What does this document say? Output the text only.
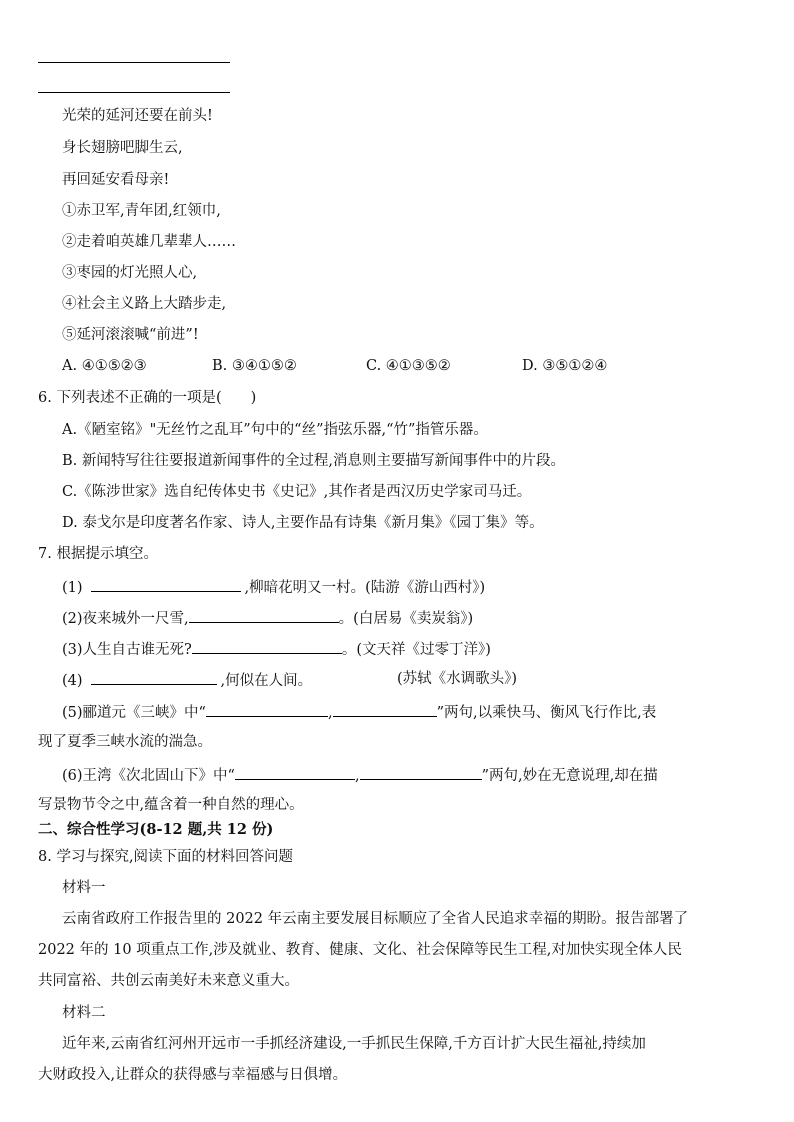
光荣的延河还要在前头!
身长翅膀吧脚生云,
再回延安看母亲!
①赤卫军,青年团,红领巾,
②走着咱英雄几辈辈人……
③枣园的灯光照人心,
④社会主义路上大踏步走,
⑤延河滚滚喊“前进”!
A. ④①⑤②③	B. ③④①⑤②	C. ④①③⑤②	D. ③⑤①②④
6. 下列表述不正确的一项是(　　)
A.《陋室铭》"无丝竹之乱耳”句中的“丝”指弦乐器,“竹”指管乐器。
B. 新闻特写往往要报道新闻事件的全过程,消息则主要描写新闻事件中的片段。
C.《陈涉世家》选自纪传体史书《史记》,其作者是西汉历史学家司马迁。
D. 泰戈尔是印度著名作家、诗人,主要作品有诗集《新月集》《园丁集》等。
7. 根据提示填空。
(1)	,柳暗花明又一村。(陆游《游山西村》)
(2)夜来城外一尺雪,	。(白居易《卖炭翁》)
(3)人生自古谁无死?	。(文天祥《过零丁洋》)
(4)	,何似在人间。	(苏轼《水调歌头》)
(5)郦道元《三峡》中“	,	”两句,以乘快马、衡风飞行作比,表
现了夏季三峡水流的湍急。
(6)王湾《次北固山下》中“	,	”两句,妙在无意说理,却在描
写景物节令之中,蕴含着一种自然的理心。
二、综合性学习(8-12 题,共 12 份)
8. 学习与探究,阅读下面的材料回答问题
材料一
云南省政府工作报告里的 2022 年云南主要发展目标顺应了全省人民追求幸福的期盼。报告部署了
2022 年的 10 项重点工作,涉及就业、教育、健康、文化、社会保障等民生工程,对加快实现全体人民
共同富裕、共创云南美好未来意义重大。
材料二
近年来,云南省红河州开远市一手抓经济建设,一手抓民生保障,千方百计扩大民生福祉,持续加
大财政投入,让群众的获得感与幸福感与日俱增。
